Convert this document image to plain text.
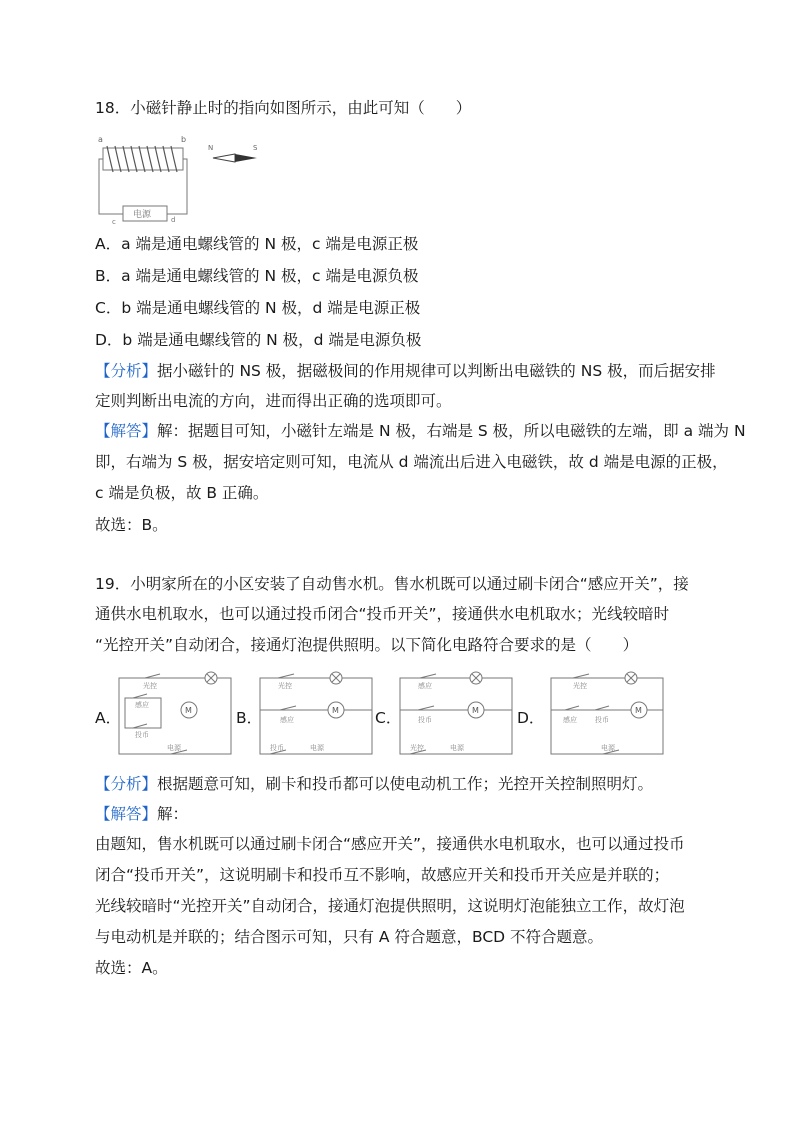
18．小磁针静止时的指向如图所示，由此可知（　　）
a	b
电源
c	d
N	S
A．a 端是通电螺线管的 N 极，c 端是电源正极
B．a 端是通电螺线管的 N 极，c 端是电源负极
C．b 端是通电螺线管的 N 极，d 端是电源正极
D．b 端是通电螺线管的 N 极，d 端是电源负极
【分析】据小磁针的 NS 极，据磁极间的作用规律可以判断出电磁铁的 NS 极，而后据安排
定则判断出电流的方向，进而得出正确的选项即可。
【解答】解：据题目可知，小磁针左端是 N 极，右端是 S 极，所以电磁铁的左端，即 a 端为 N
即，右端为 S 极，据安培定则可知，电流从 d 端流出后进入电磁铁，故 d 端是电源的正极，
c 端是负极，故 B 正确。
故选：B。
19．小明家所在的小区安装了自动售水机。售水机既可以通过刷卡闭合“感应开关”，接
通供水电机取水，也可以通过投币闭合“投币开关”，接通供水电机取水；光线较暗时
“光控开关”自动闭合，接通灯泡提供照明。以下简化电路符合要求的是（　　）
A．	B．	C．	D．
光控
感应
投币
M
电源
光控
感应
M
投币	电源
感应
投币
M
光控	电源
光控
感应	投币
M
电源
【分析】根据题意可知，刷卡和投币都可以使电动机工作；光控开关控制照明灯。
【解答】解：
由题知，售水机既可以通过刷卡闭合“感应开关”，接通供水电机取水，也可以通过投币
闭合“投币开关”，这说明刷卡和投币互不影响，故感应开关和投币开关应是并联的；
光线较暗时“光控开关”自动闭合，接通灯泡提供照明，这说明灯泡能独立工作，故灯泡
与电动机是并联的；结合图示可知，只有 A 符合题意，BCD 不符合题意。
故选：A。
